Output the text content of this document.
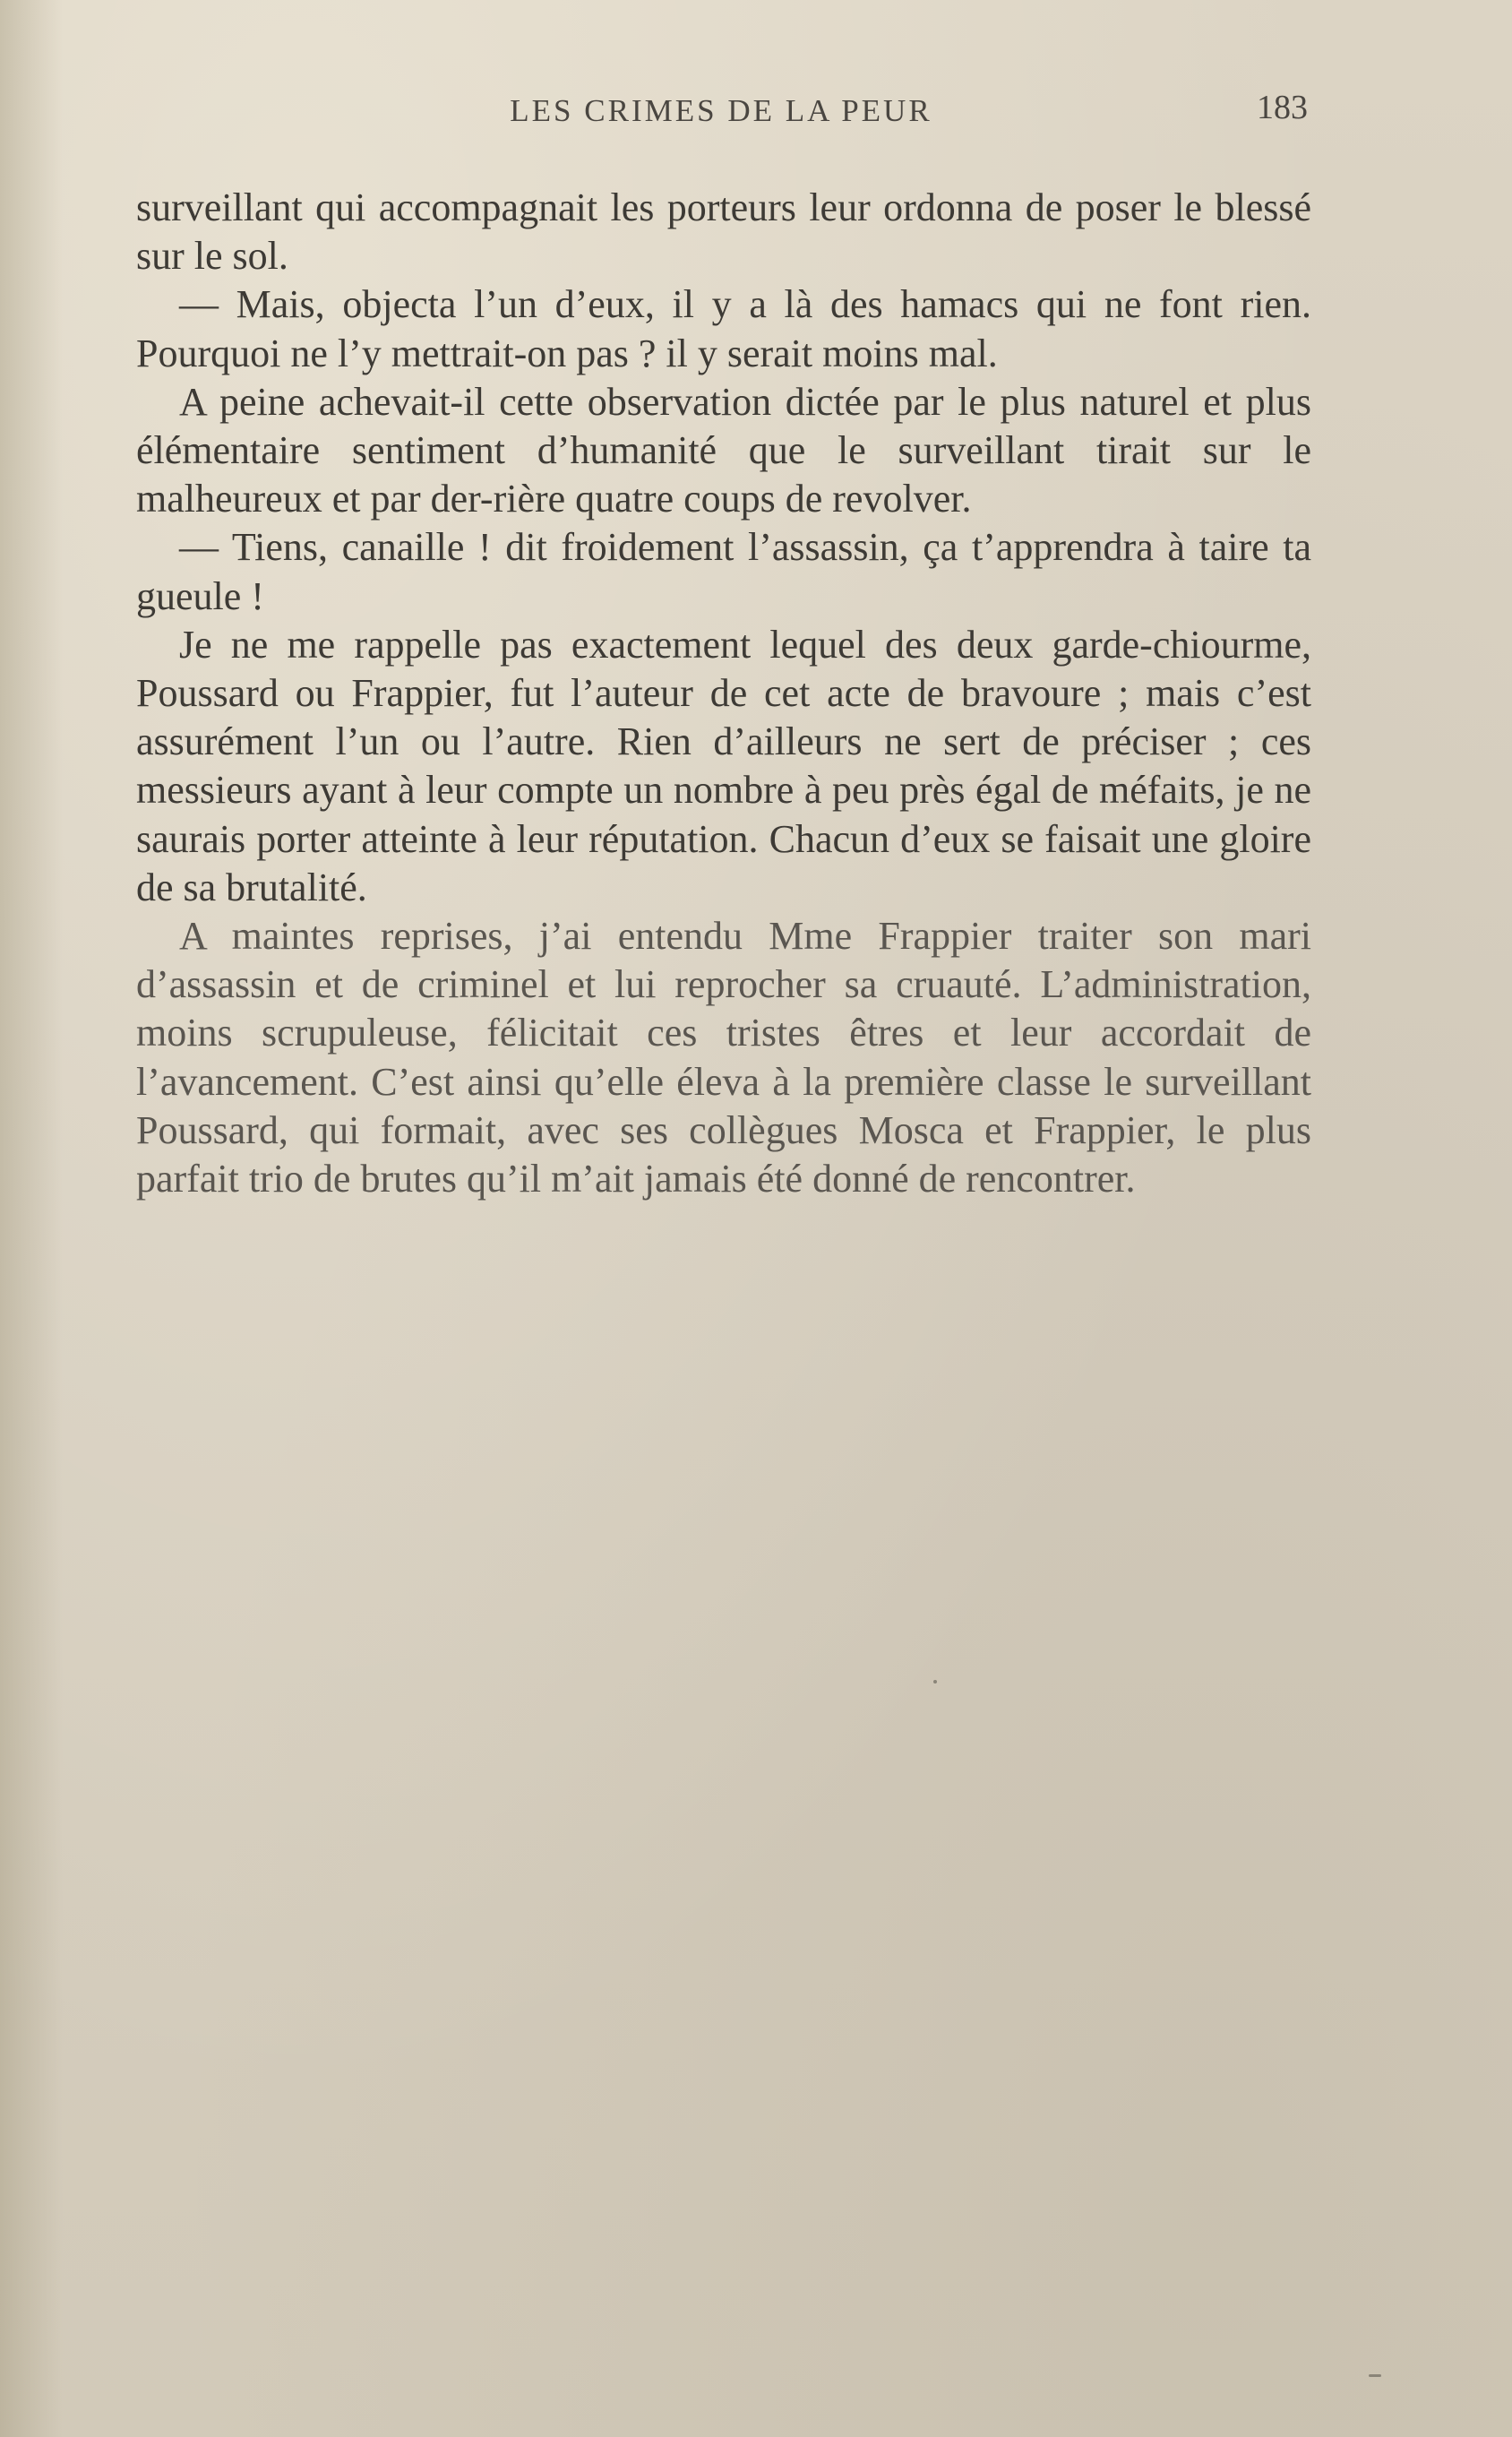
LES CRIMES DE LA PEUR	183

surveillant qui accompagnait les porteurs leur ordonna de poser le blessé sur le sol.

— Mais, objecta l’un d’eux, il y a là des hamacs qui ne font rien. Pourquoi ne l’y mettrait-on pas ? il y serait moins mal.

A peine achevait-il cette observation dictée par le plus naturel et plus élémentaire sentiment d’humanité que le surveillant tirait sur le malheureux et par der-rière quatre coups de revolver.

— Tiens, canaille ! dit froidement l’assassin, ça t’apprendra à taire ta gueule !

Je ne me rappelle pas exactement lequel des deux garde-chiourme, Poussard ou Frappier, fut l’auteur de cet acte de bravoure ; mais c’est assurément l’un ou l’autre. Rien d’ailleurs ne sert de préciser ; ces messieurs ayant à leur compte un nombre à peu près égal de méfaits, je ne saurais porter atteinte à leur réputation. Chacun d’eux se faisait une gloire de sa brutalité.

A maintes reprises, j’ai entendu Mme Frappier traiter son mari d’assassin et de criminel et lui reprocher sa cruauté. L’administration, moins scrupuleuse, félicitait ces tristes êtres et leur accordait de l’avancement. C’est ainsi qu’elle éleva à la première classe le surveillant Poussard, qui formait, avec ses collègues Mosca et Frappier, le plus parfait trio de brutes qu’il m’ait jamais été donné de rencontrer.
